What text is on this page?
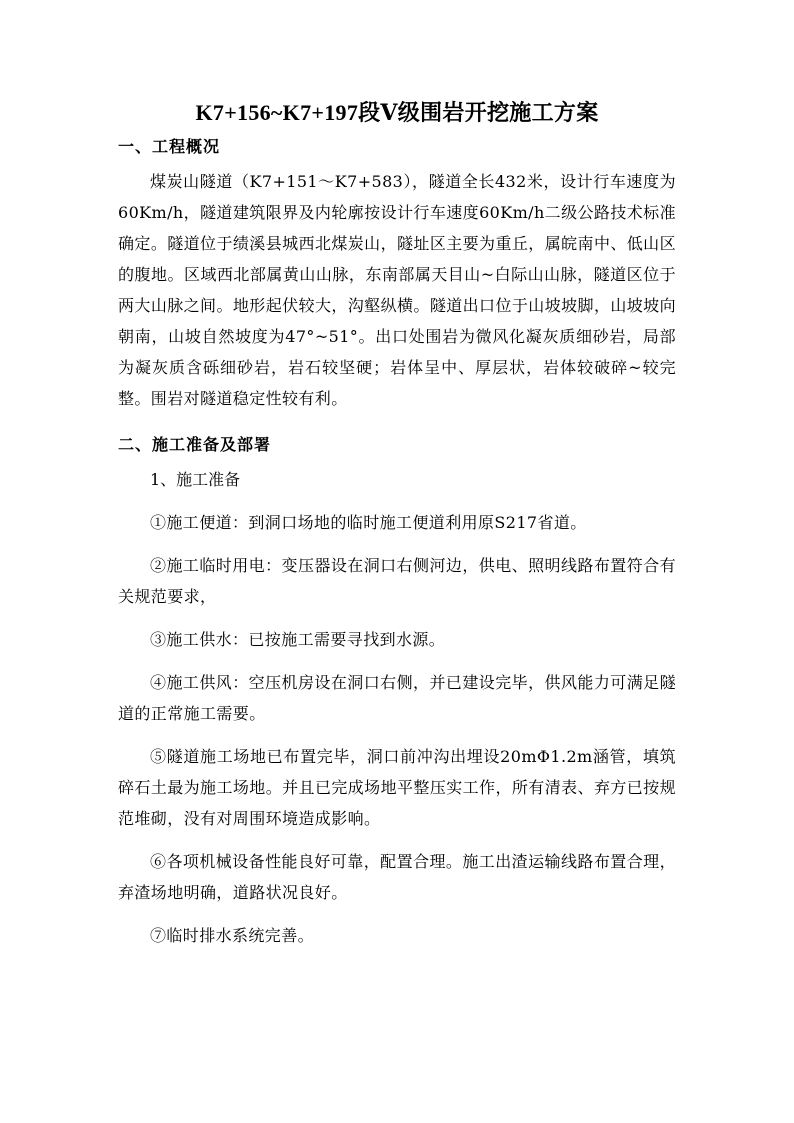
K7+156~K7+197段Ⅴ级围岩开挖施工方案
一、工程概况

煤炭山隧道（K7+151～K7+583），隧道全长432米，设计行车速度为60Km/h，隧道建筑限界及内轮廓按设计行车速度60Km/h二级公路技术标准确定。隧道位于绩溪县城西北煤炭山，隧址区主要为重丘，属皖南中、低山区的腹地。区域西北部属黄山山脉，东南部属天目山~白际山山脉，隧道区位于两大山脉之间。地形起伏较大，沟壑纵横。隧道出口位于山坡坡脚，山坡坡向朝南，山坡自然坡度为47°~51°。出口处围岩为微风化凝灰质细砂岩，局部为凝灰质含砾细砂岩，岩石较坚硬；岩体呈中、厚层状，岩体较破碎~较完整。围岩对隧道稳定性较有利。

二、施工准备及部署

1、施工准备

①施工便道：到洞口场地的临时施工便道利用原S217省道。

②施工临时用电：变压器设在洞口右侧河边，供电、照明线路布置符合有关规范要求，

③施工供水：已按施工需要寻找到水源。

④施工供风：空压机房设在洞口右侧，并已建设完毕，供风能力可满足隧道的正常施工需要。

⑤隧道施工场地已布置完毕，洞口前冲沟出埋设20mΦ1.2m涵管，填筑碎石土最为施工场地。并且已完成场地平整压实工作，所有清表、弃方已按规范堆砌，没有对周围环境造成影响。

⑥各项机械设备性能良好可靠，配置合理。施工出渣运输线路布置合理，弃渣场地明确，道路状况良好。

⑦临时排水系统完善。
